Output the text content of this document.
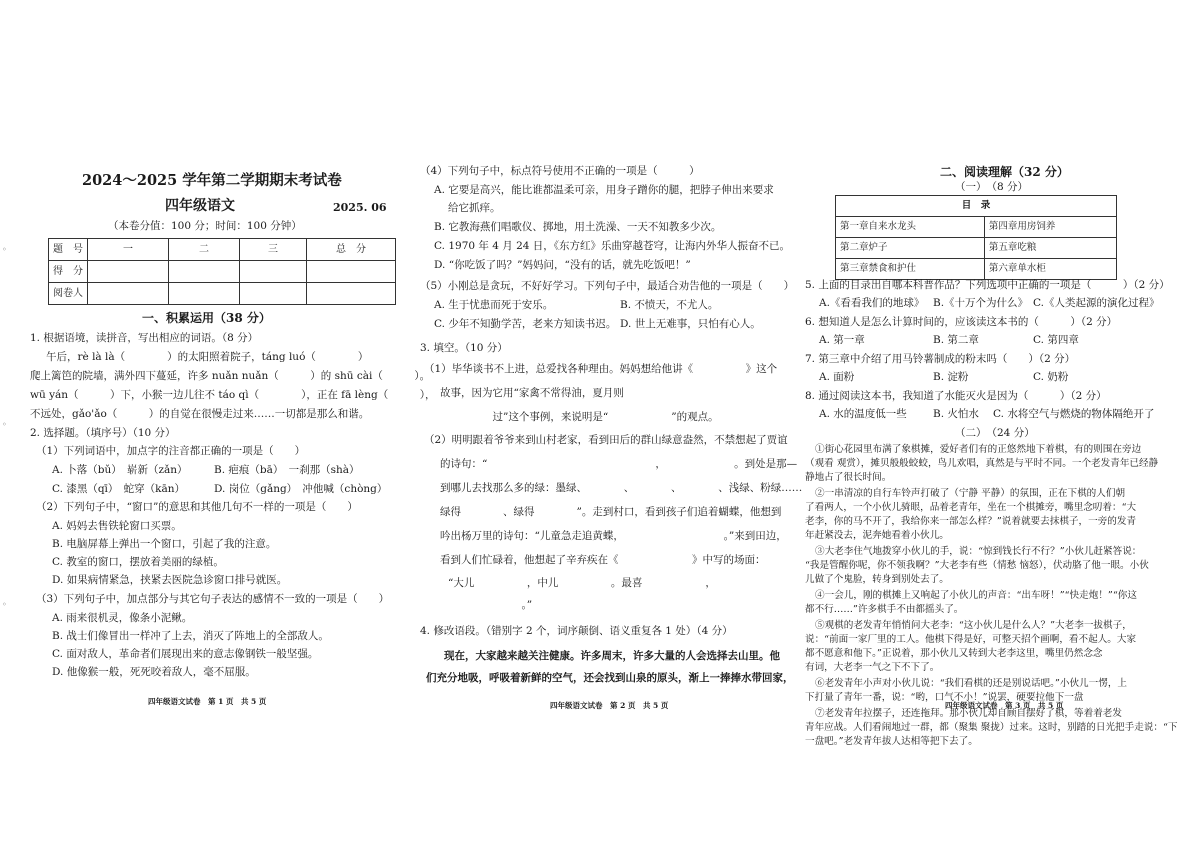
◦
◦
◦
2024～2025 学年第二学期期末考试卷
四年级语文	2025. 06
（本卷分值：100 分；时间：100 分钟）
题　号	一	二	三	总　分
得　分				
阅卷人				
一、积累运用（38 分）
1. 根据语境，读拼音，写出相应的词语。（8 分）
午后，rè là là（　　　　）的太阳照着院子，táng luó（　　　　）
爬上篱笆的院墙，满外四下蔓延，许多 nuǎn nuǎn（　　　）的 shū cài（　　　）。
wū yán（　　　）下，小猴一边儿往不 táo qì（　　　　），正在 fā lèng（　　　），
不远处，gǎo'ǎo（　　　）的自觉在很慢走过来……一切都是那么和谐。
2. 选择题。（填序号）（10 分）
（1）下列词语中，加点字的注音都正确的一项是（　　）
A. 卜落（bǔ）　崭新（zǎn）	B. 疤痕（bā）　一刹那（shà）
C. 漆黑（qī）　蛇穿（kān）	D. 岗位（gǎng）　冲他喊（chòng）
（2）下列句子中，“窗口”的意思和其他几句不一样的一项是（　　）
A. 妈妈去售铁轮窗口买票。
B. 电脑屏幕上弹出一个窗口，引起了我的注意。
C. 教室的窗口，摆放着美丽的绿植。
D. 如果病情紧急，挟紧去医院急诊窗口排号就医。
（3）下列句子中，加点部分与其它句子表达的感情不一致的一项是（　　）
A. 雨来很机灵，像条小泥鳅。
B. 战士们像冒出一样冲了上去，消灭了阵地上的全部敌人。
C. 面对敌人，革命者们展现出来的意志像钢铁一般坚强。
D. 他像猴一般，死死咬着敌人，毫不屈服。
四年级语文试卷　第 1 页　共 5 页
（4）下列句子中，标点符号使用不正确的一项是（　　　）
A. 它要是高兴，能比谁都温柔可亲，用身子蹭你的腿，把脖子伸出来要求
给它抓痒。
B. 它教海燕们唱歌仪、掷地，用土洗澡、一天不知教多少次。
C. 1970 年 4 月 24 日，《东方红》乐曲穿越苍穹，让海内外华人振奋不已。
D. “你吃饭了吗？”妈妈问，“没有的话，就先吃饭吧！”
（5）小刚总是贪玩，不好好学习。下列句子中，最适合劝告他的一项是（　　）
A. 生于忧患而死于安乐。	B. 不愤天，不尤人。
C. 少年不知勤学苦，老来方知读书迟。 D. 世上无难事，只怕有心人。
3. 填空。（10 分）
（1）毕华谈书不上进，总爱找各种理由。妈妈想给他讲《　　　　　》这个
故事，因为它用“家禽不常得油，夏月则
　　　　　过”这个事例，来说明是“　　　　　　”的观点。
（2）明明跟着爷爷来到山村老家，看到田后的群山绿意盎然，不禁想起了贾谊
的诗句：“　　　　　　　　　　　　　　　　，　　　　　　　。到处是那—
到哪儿去找那么多的绿：墨绿、　　　　、　　　　、　　　　、浅绿、粉绿……
绿得　　　　、绿得　　　　”。走到村口，看到孩子们追着蝴蝶，他想到
吟出杨万里的诗句：“儿童急走追黄蝶，　　　　　　　　　　。”来到田边，
看到人们忙碌着，他想起了辛弃疾在《　　　　　　　》中写的场面：
“大儿　　　　　，中儿　　　　　。最喜　　　　　　，　　　　　　
　　　　　　　。”
4. 修改语段。（错别字 2 个，词序颠倒、语义重复各 1 处）（4 分）
现在，大家越来越关注健康。许多周末，许多大量的人会选择去山里。他
们充分地吸，呼吸着新鲜的空气，还会找到山泉的原头，渐上一捧捧水带回家，
四年级语文试卷　第 2 页　共 5 页
二、阅读理解（32 分）
（一）　（8 分）
目　录	
第一章自来水龙头	第四章用房饲养
第二章炉子	第五章吃粮
第三章禁食和护仕	第六章单水柜
5. 上面的目录出自哪本科普作品？下列选项中正确的一项是（　　　）（2 分）
A.《看看我们的地球》 B.《十万个为什么》 C.《人类起源的演化过程》
6. 想知道人是怎么计算时间的，应该读这本书的（　　　）（2 分）
A. 第一章	B. 第二章	C. 第四章
7. 第三章中介绍了用马铃薯制成的粉末吗（　　）（2 分）
A. 面粉	B. 淀粉	C. 奶粉
8. 通过阅读这本书，我知道了水能灭火是因为（　　　）（2 分）
A. 水的温度低一些 B. 火怕水 C. 水将空气与燃烧的物体隔绝开了
（二）　（24 分）
①街心花园里布满了象棋摊，爱好者们有的正悠然地下着棋，有的则围在旁边
（观看 观赏），摊贝般般蛟蛟，鸟儿欢唱，真然是与平时不同。一个老发青年已经静
静地占了很长时间。
②一串清凉的自行车铃声打破了（宁静 平静）的氛围，正在下棋的人们朝
了看两人，一个小伙儿骑眼，品着老青年，坐在一个棋摊旁，嘴里念叨着：“大
老李，你的马不开了，我给你来一部怎么样？”说着就要去抹棋子，一旁的发青
年赶紧没去，泥奔她看着小伙儿。
③大老李住气地拨穿小伙儿的手，说：“惊到钱长行不行？”小伙儿赶紧答说：
“我是管醒你呢，你不领我啊？”大老李有些（情愁 恼怒），伏动胳了他一眼。小伙
儿做了个鬼脸，转身到别处去了。
④一会儿，刚的棋摊上又响起了小伙儿的声音：“出车呀！”“快走炮！”“你这
都不行……”许多棋手不由都摇头了。
⑤观棋的老发青年悄悄问大老李：“这小伙儿是什么人？”大老李一拔棋子，
说：“前面一家厂里的工人。他棋下得是好，可整天招个画啊，看不起人。大家
都不愿意和他下。”正说着，那小伙儿又转到大老李这里，嘴里仍然念念
有词，大老李一气之下不下了。
⑥老发青年小声对小伙儿说：“我们看棋的还是别说话吧。”小伙儿一愣，上
下打量了青年一番，说：“哟，口气不小！”说罢，硬要拉他下一盘
⑦老发青年拉摆子，还连拖拜。那小伙儿却自顾自摆好了棋，等着着老发
青年应战。人们看闹地过一群，都（聚集 聚拢）过来。这时，别踏的日光把手走说：“下
一盘吧。”老发青年拔人达相等把下去了。
四年级语文试卷　第 3 页　共 5 页
